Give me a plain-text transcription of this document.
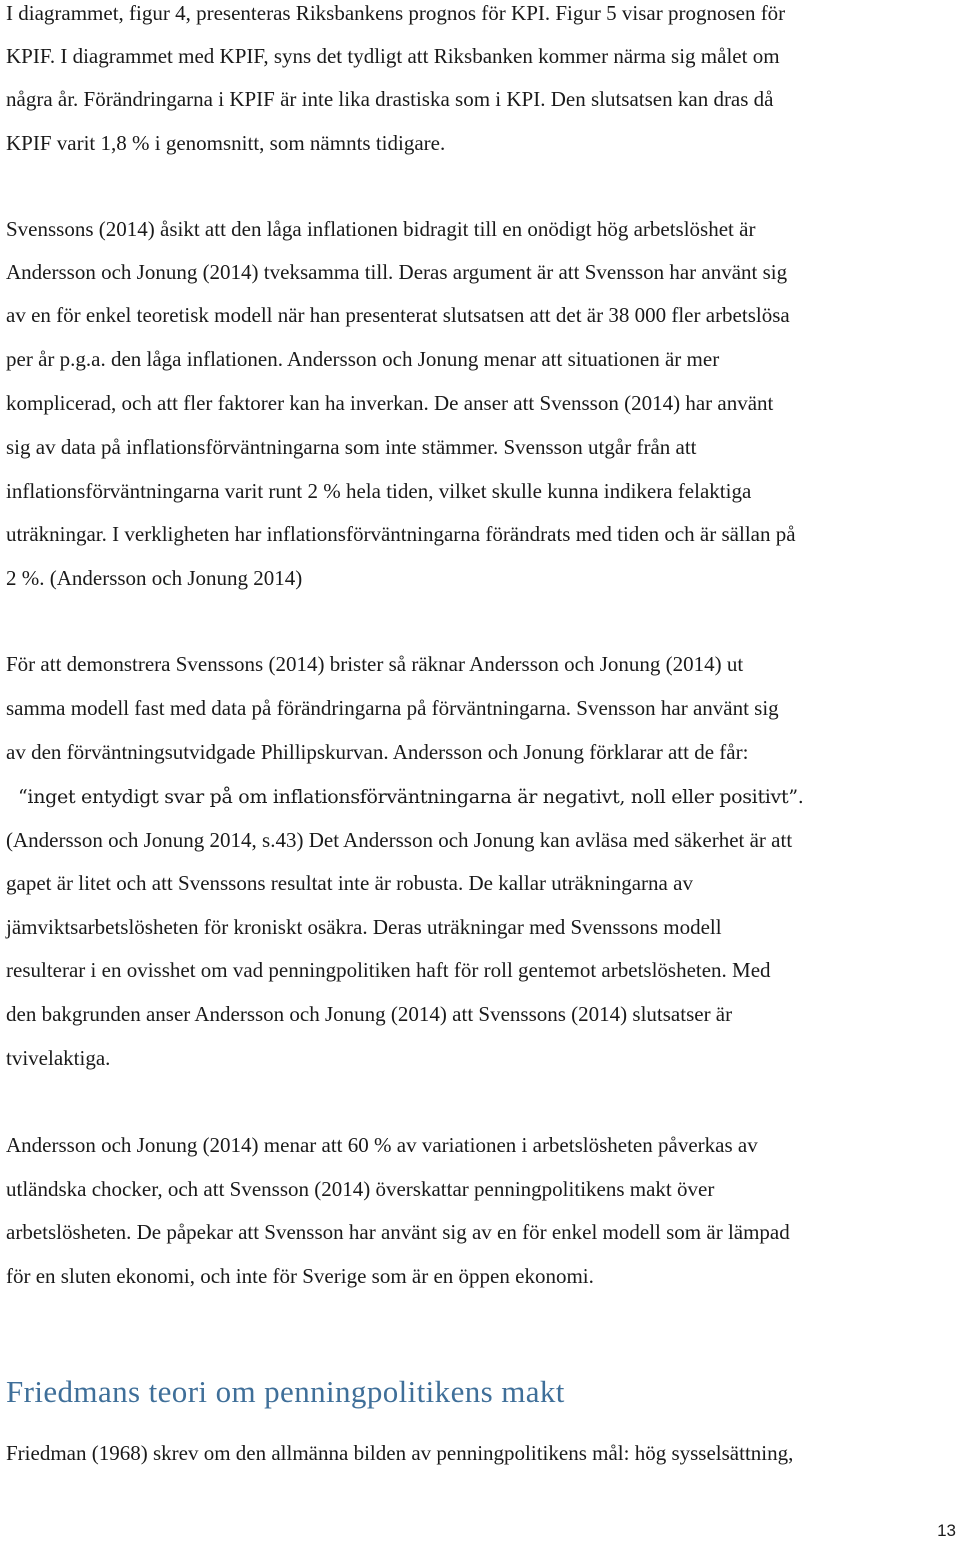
I diagrammet, figur 4, presenteras Riksbankens prognos för KPI. Figur 5 visar prognosen för
KPIF. I diagrammet med KPIF, syns det tydligt att Riksbanken kommer närma sig målet om
några år. Förändringarna i KPIF är inte lika drastiska som i KPI. Den slutsatsen kan dras då
KPIF varit 1,8 % i genomsnitt, som nämnts tidigare.
Svenssons (2014) åsikt att den låga inflationen bidragit till en onödigt hög arbetslöshet är
Andersson och Jonung (2014) tveksamma till. Deras argument är att Svensson har använt sig
av en för enkel teoretisk modell när han presenterat slutsatsen att det är 38 000 fler arbetslösa
per år p.g.a. den låga inflationen. Andersson och Jonung menar att situationen är mer
komplicerad, och att fler faktorer kan ha inverkan. De anser att Svensson (2014) har använt
sig av data på inflationsförväntningarna som inte stämmer. Svensson utgår från att
inflationsförväntningarna varit runt 2 % hela tiden, vilket skulle kunna indikera felaktiga
uträkningar. I verkligheten har inflationsförväntningarna förändrats med tiden och är sällan på
2 %. (Andersson och Jonung 2014)
För att demonstrera Svenssons (2014) brister så räknar Andersson och Jonung (2014) ut
samma modell fast med data på förändringarna på förväntningarna. Svensson har använt sig
av den förväntningsutvidgade Phillipskurvan. Andersson och Jonung förklarar att de får:
“inget entydigt svar på om inflationsförväntningarna är negativt, noll eller positivt”.
(Andersson och Jonung 2014, s.43) Det Andersson och Jonung kan avläsa med säkerhet är att
gapet är litet och att Svenssons resultat inte är robusta. De kallar uträkningarna av
jämviktsarbetslösheten för kroniskt osäkra. Deras uträkningar med Svenssons modell
resulterar i en ovisshet om vad penningpolitiken haft för roll gentemot arbetslösheten. Med
den bakgrunden anser Andersson och Jonung (2014) att Svenssons (2014) slutsatser är
tvivelaktiga.
Andersson och Jonung (2014) menar att 60 % av variationen i arbetslösheten påverkas av
utländska chocker, och att Svensson (2014) överskattar penningpolitikens makt över
arbetslösheten. De påpekar att Svensson har använt sig av en för enkel modell som är lämpad
för en sluten ekonomi, och inte för Sverige som är en öppen ekonomi.
Friedmans teori om penningpolitikens makt
Friedman (1968) skrev om den allmänna bilden av penningpolitikens mål: hög sysselsättning,
13
